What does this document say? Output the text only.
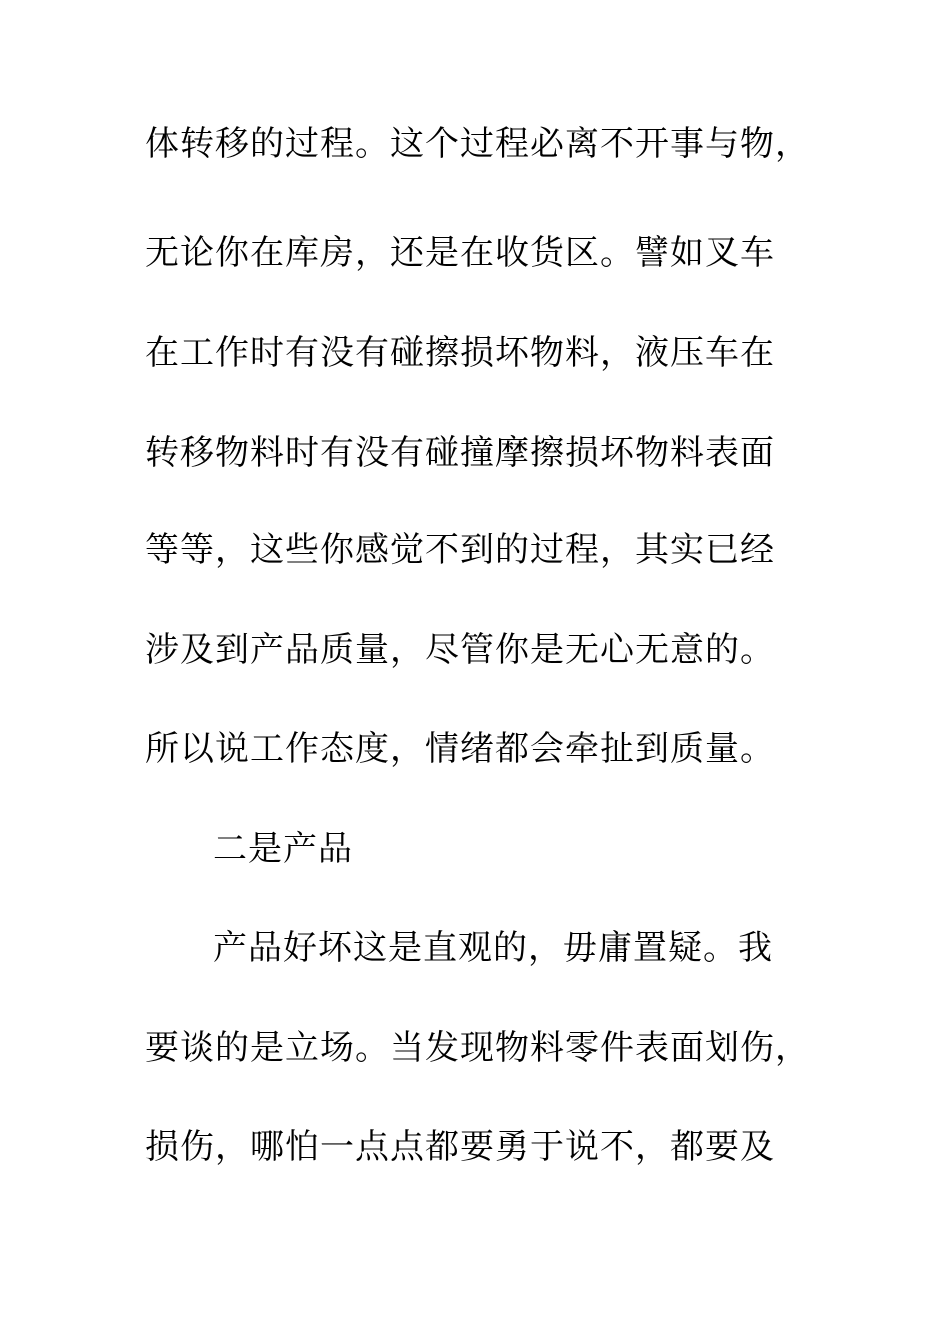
体转移的过程。这个过程必离不开事与物，
无论你在库房，还是在收货区。譬如叉车
在工作时有没有碰擦损坏物料，液压车在
转移物料时有没有碰撞摩擦损坏物料表面
等等，这些你感觉不到的过程，其实已经
涉及到产品质量，尽管你是无心无意的。
所以说工作态度，情绪都会牵扯到质量。
二是产品
产品好坏这是直观的，毋庸置疑。我
要谈的是立场。当发现物料零件表面划伤，
损伤，哪怕一点点都要勇于说不，都要及
